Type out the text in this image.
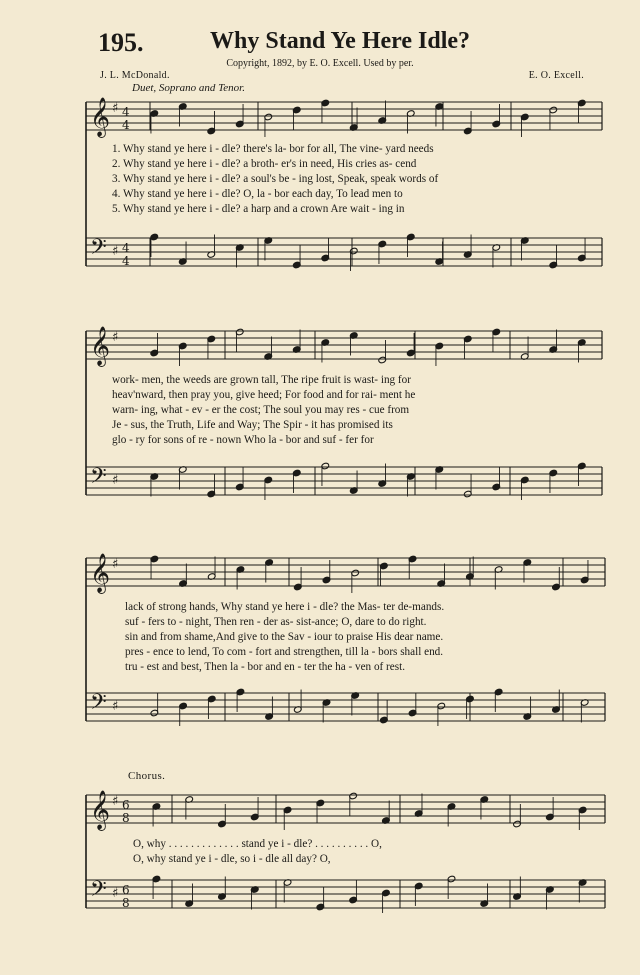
195.	Why Stand Ye Here Idle?
Copyright, 1892, by E. O. Excell. Used by per.
J. L. McDonald.	E. O. Excell.
Duet, Soprano and Tenor.
Chorus.
𝄞
𝄢
♯
♯
4
4
4
4
𝄞
𝄢
♯
♯
𝄞
𝄢
♯
♯
𝄞
𝄢
♯
♯
6
8
6
8
1. Why stand ye here i - dle? there's la- bor for all, The vine- yard needs
2. Why stand ye here i - dle? a broth- er's in need, His cries as- cend
3. Why stand ye here i - dle? a soul's be - ing lost, Speak, speak words of
4. Why stand ye here i - dle? O, la - bor each day, To lead men to
5. Why stand ye here i - dle? a harp and a crown Are wait - ing in
work- men, the weeds are grown tall, The ripe fruit is wast- ing for
heav'nward, then pray you, give heed; For food and for rai- ment he
warn- ing, what - ev - er the cost; The soul you may res - cue from
Je - sus, the Truth, Life and Way; The Spir - it has promised its
glo - ry for sons of re - nown Who la - bor and suf - fer for
lack of strong hands, Why stand ye here i - dle? the Mas- ter de-mands.
suf - fers to - night, Then ren - der as- sist-ance; O, dare to do right.
sin and from shame,And give to the Sav - iour to praise His dear name.
pres - ence to lend, To com - fort and strengthen, till la - bors shall end.
tru - est and best, Then la - bor and en - ter the ha - ven of rest.
O, why . . . . . . . . . . . . . stand ye i - dle? . . . . . . . . . . O,
O, why stand ye i - dle, so i - dle all day? O,
